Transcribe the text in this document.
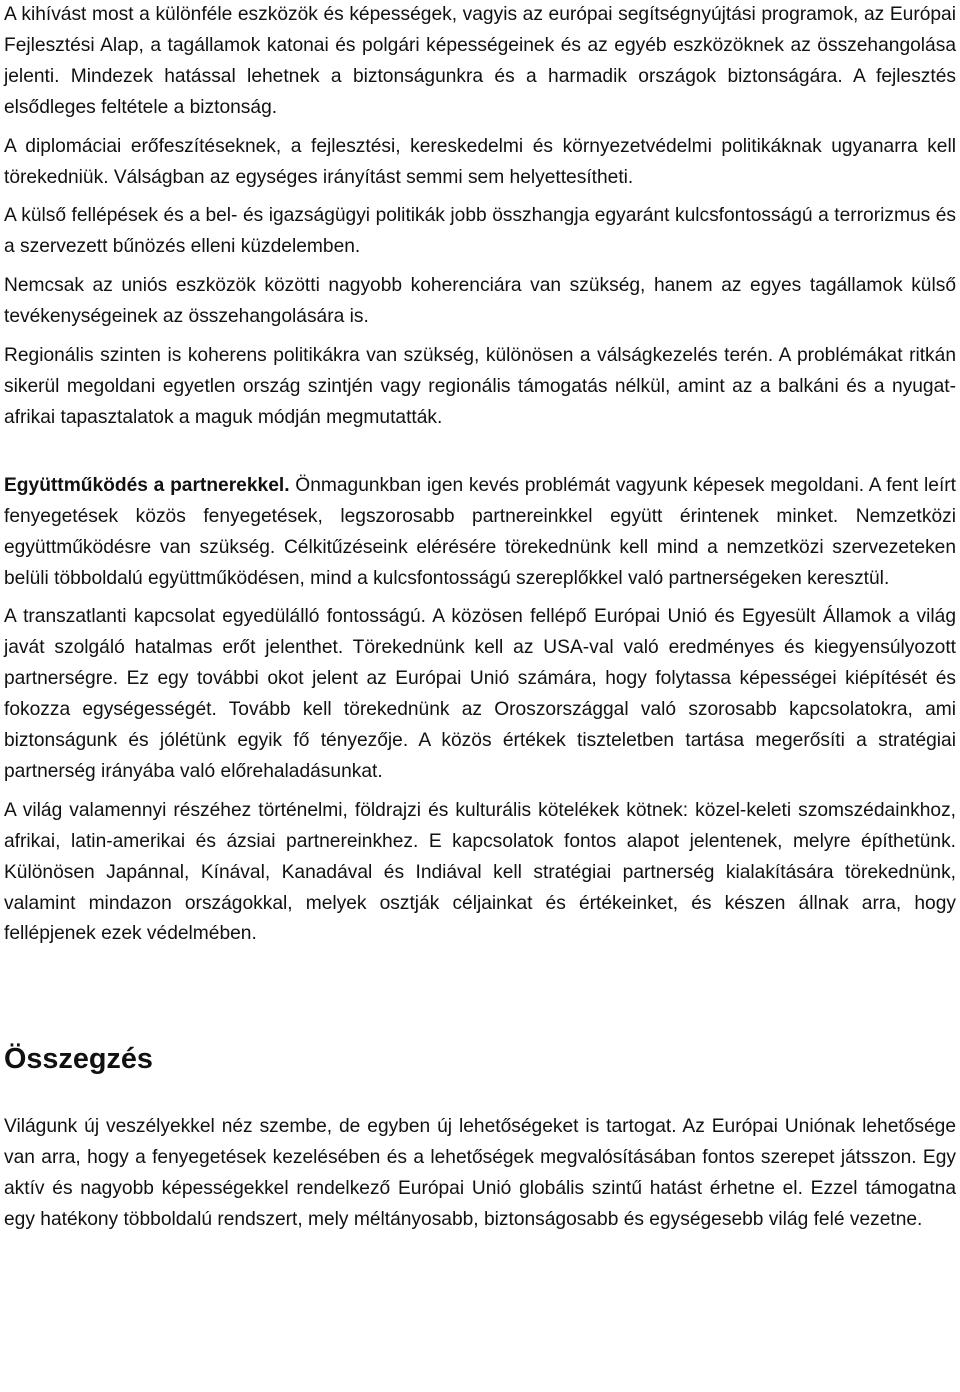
A kihívást most a különféle eszközök és képességek, vagyis az európai segítségnyújtási programok, az Európai Fejlesztési Alap, a tagállamok katonai és polgári képességeinek és az egyéb eszközöknek az összehangolása jelenti. Mindezek hatással lehetnek a biztonságunkra és a harmadik országok biztonságára. A fejlesztés elsődleges feltétele a biztonság.

A diplomáciai erőfeszítéseknek, a fejlesztési, kereskedelmi és környezetvédelmi politikáknak ugyanarra kell törekedniük. Válságban az egységes irányítást semmi sem helyettesítheti.

A külső fellépések és a bel- és igazságügyi politikák jobb összhangja egyaránt kulcsfontosságú a terrorizmus és a szervezett bűnözés elleni küzdelemben.

Nemcsak az uniós eszközök közötti nagyobb koherenciára van szükség, hanem az egyes tagállamok külső tevékenységeinek az összehangolására is.

Regionális szinten is koherens politikákra van szükség, különösen a válságkezelés terén. A problémákat ritkán sikerül megoldani egyetlen ország szintjén vagy regionális támogatás nélkül, amint az a balkáni és a nyugat-afrikai tapasztalatok a maguk módján megmutatták.

Együttműködés a partnerekkel. Önmagunkban igen kevés problémát vagyunk képesek megoldani. A fent leírt fenyegetések közös fenyegetések, legszorosabb partnereinkkel együtt érintenek minket. Nemzetközi együttműködésre van szükség. Célkitűzéseink elérésére törekednünk kell mind a nemzetközi szervezeteken belüli többoldalú együttműködésen, mind a kulcsfontosságú szereplőkkel való partnerségeken keresztül.

A transzatlanti kapcsolat egyedülálló fontosságú. A közösen fellépő Európai Unió és Egyesült Államok a világ javát szolgáló hatalmas erőt jelenthet. Törekednünk kell az USA-val való eredményes és kiegyensúlyozott partnerségre. Ez egy további okot jelent az Európai Unió számára, hogy folytassa képességei kiépítését és fokozza egységességét. Tovább kell törekednünk az Oroszországgal való szorosabb kapcsolatokra, ami biztonságunk és jólétünk egyik fő tényezője. A közös értékek tiszteletben tartása megerősíti a stratégiai partnerség irányába való előrehaladásunkat.

A világ valamennyi részéhez történelmi, földrajzi és kulturális kötelékek kötnek: közel-keleti szomszédainkhoz, afrikai, latin-amerikai és ázsiai partnereinkhez. E kapcsolatok fontos alapot jelentenek, melyre építhetünk. Különösen Japánnal, Kínával, Kanadával és Indiával kell stratégiai partnerség kialakítására törekednünk, valamint mindazon országokkal, melyek osztják céljainkat és értékeinket, és készen állnak arra, hogy fellépjenek ezek védelmében.

Összegzés

Világunk új veszélyekkel néz szembe, de egyben új lehetőségeket is tartogat. Az Európai Uniónak lehetősége van arra, hogy a fenyegetések kezelésében és a lehetőségek megvalósításában fontos szerepet játsszon. Egy aktív és nagyobb képességekkel rendelkező Európai Unió globális szintű hatást érhetne el. Ezzel támogatna egy hatékony többoldalú rendszert, mely méltányosabb, biztonságosabb és egységesebb világ felé vezetne.
